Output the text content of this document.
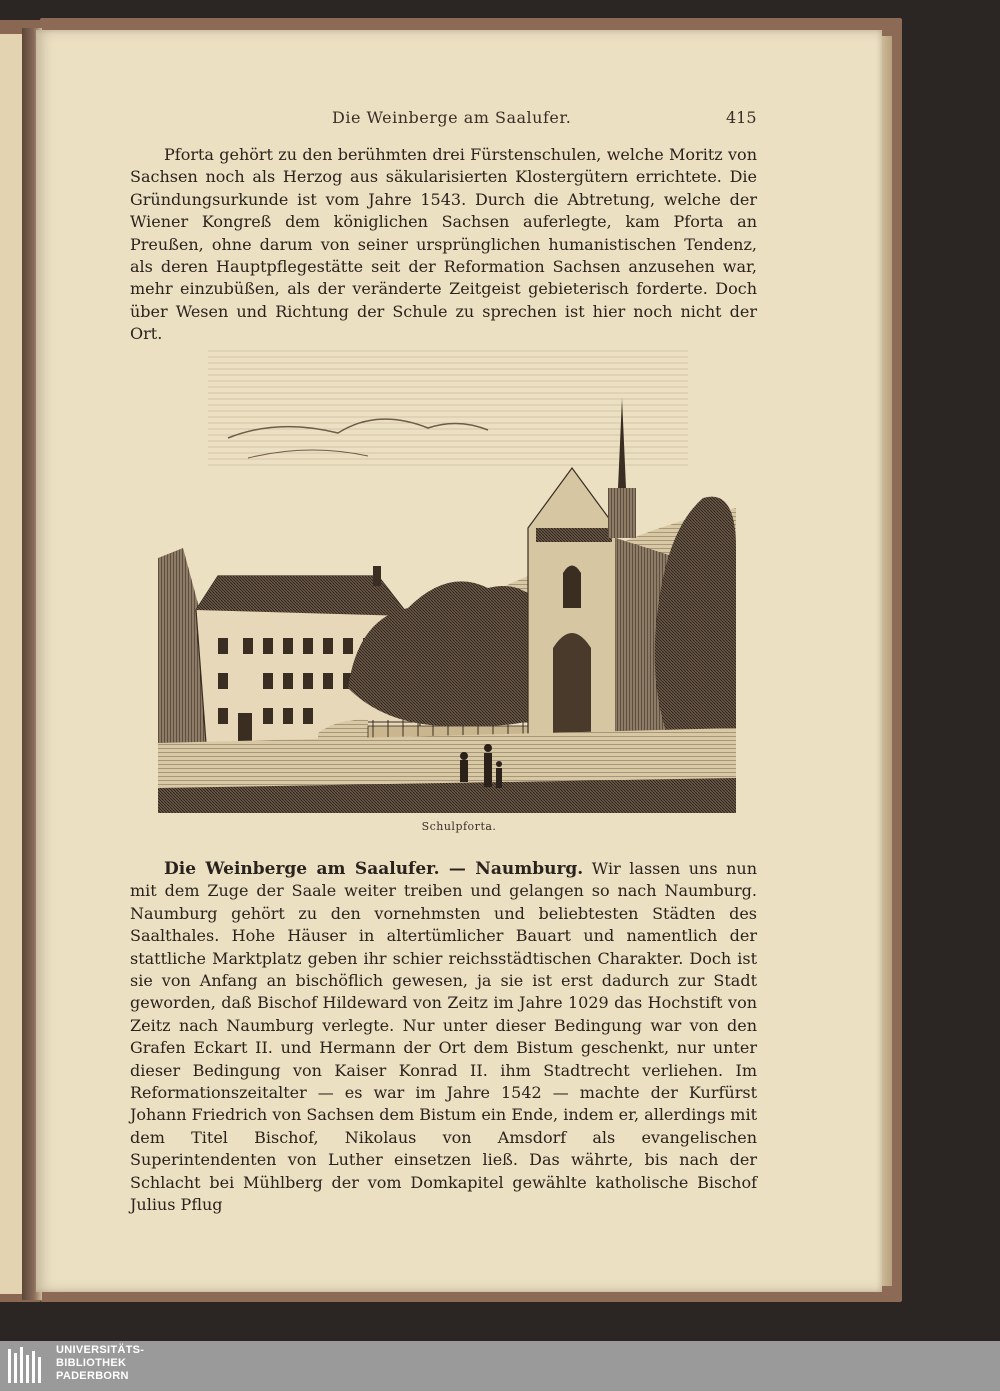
Die Weinberge am Saalufer.	415

Pforta gehört zu den berühmten drei Fürstenschulen, welche Moritz von Sachsen noch als Herzog aus säkularisierten Klostergütern errichtete. Die Gründungsurkunde ist vom Jahre 1543. Durch die Abtretung, welche der Wiener Kongreß dem königlichen Sachsen auferlegte, kam Pforta an Preußen, ohne darum von seiner ursprünglichen humanistischen Tendenz, als deren Hauptpflegestätte seit der Reformation Sachsen anzusehen war, mehr einzubüßen, als der veränderte Zeitgeist gebieterisch forderte. Doch über Wesen und Richtung der Schule zu sprechen ist hier noch nicht der Ort.

Schulpforta.

Die Weinberge am Saalufer. — Naumburg. Wir lassen uns nun mit dem Zuge der Saale weiter treiben und gelangen so nach Naumburg. Naumburg gehört zu den vornehmsten und beliebtesten Städten des Saalthales. Hohe Häuser in altertümlicher Bauart und namentlich der stattliche Marktplatz geben ihr schier reichsstädtischen Charakter. Doch ist sie von Anfang an bischöflich gewesen, ja sie ist erst dadurch zur Stadt geworden, daß Bischof Hildeward von Zeitz im Jahre 1029 das Hochstift von Zeitz nach Naumburg verlegte. Nur unter dieser Bedingung war von den Grafen Eckart II. und Hermann der Ort dem Bistum geschenkt, nur unter dieser Bedingung von Kaiser Konrad II. ihm Stadtrecht verliehen. Im Reformationszeitalter — es war im Jahre 1542 — machte der Kurfürst Johann Friedrich von Sachsen dem Bistum ein Ende, indem er, allerdings mit dem Titel Bischof, Nikolaus von Amsdorf als evangelischen Superintendenten von Luther einsetzen ließ. Das währte, bis nach der Schlacht bei Mühlberg der vom Domkapitel gewählte katholische Bischof Julius Pflug

UNIVERSITÄTS-
BIBLIOTHEK
PADERBORN
